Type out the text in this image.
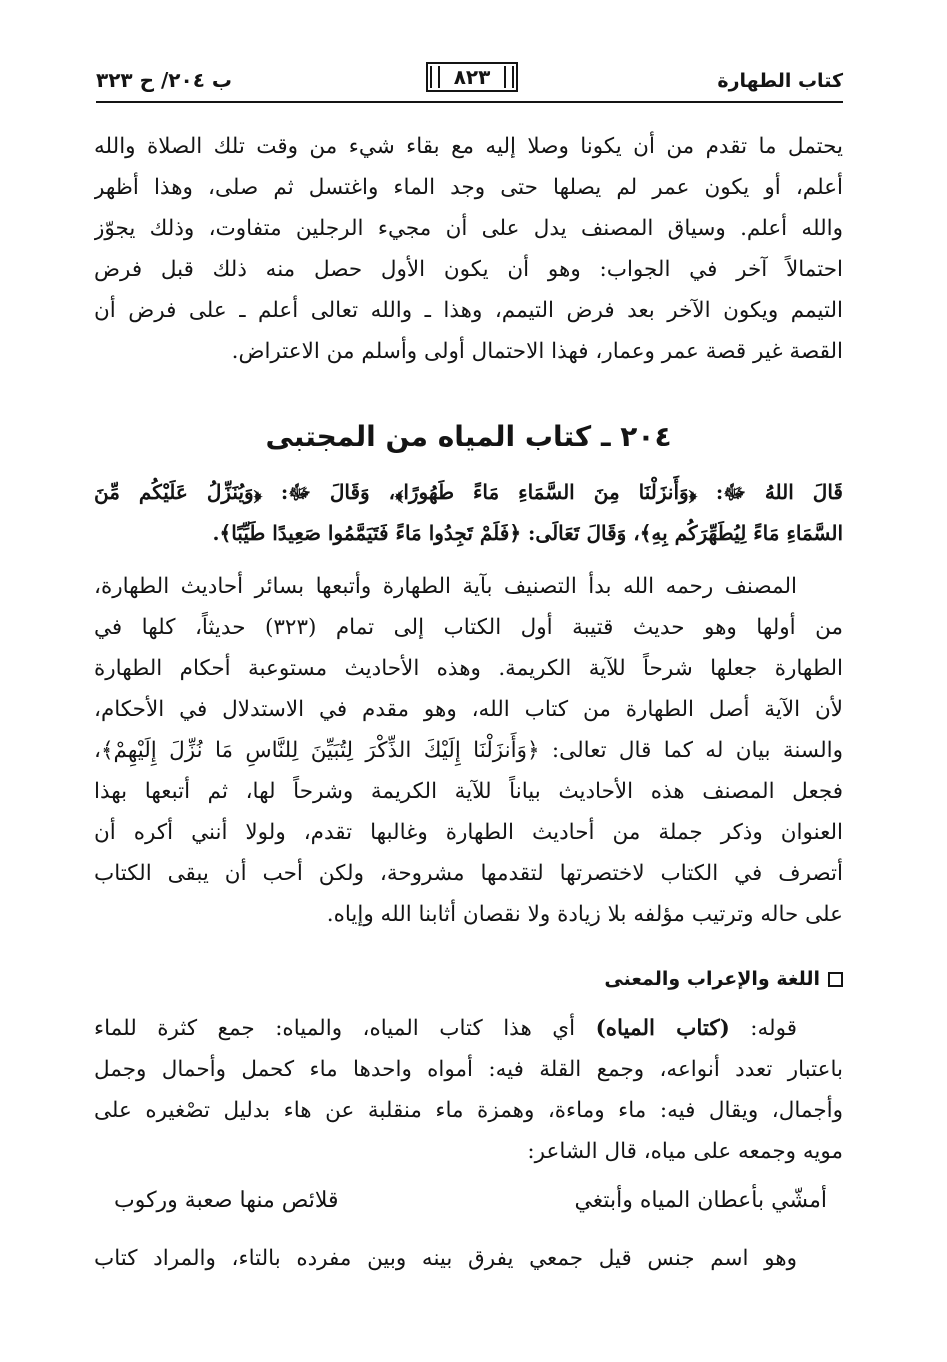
كتاب الطهارة
٨٢٣
ب ٢٠٤/ ح ٣٢٣
يحتمل ما تقدم من أن يكونا وصلا إليه مع بقاء شيء من وقت تلك الصلاة والله
أعلم، أو يكون عمر لم يصلها حتى وجد الماء واغتسل ثم صلى، وهذا أظهر
والله أعلم. وسياق المصنف يدل على أن مجيء الرجلين متفاوت، وذلك يجوّز
احتمالاً آخر في الجواب: وهو أن يكون الأول حصل منه ذلك قبل فرض
التيمم ويكون الآخر بعد فرض التيمم، وهذا ـ والله تعالى أعلم ـ على فرض أن
القصة غير قصة عمر وعمار، فهذا الاحتمال أولى وأسلم من الاعتراض.
٢٠٤ ـ كتاب المياه من المجتبى
قَالَ اللهُ ﷻ: ﴿وَأَنزَلْنَا مِنَ السَّمَاءِ مَاءً طَهُورًا﴾، وَقَالَ ﷻ: ﴿وَيُنَزِّلُ عَلَيْكُم مِّنَ
السَّمَاءِ مَاءً لِيُطَهِّرَكُم بِهِ﴾، وَقَالَ تَعَالَى: ﴿فَلَمْ تَجِدُوا مَاءً فَتَيَمَّمُوا صَعِيدًا طَيِّبًا﴾.
المصنف رحمه الله بدأ التصنيف بآية الطهارة وأتبعها بسائر أحاديث الطهارة،
من أولها وهو حديث قتيبة أول الكتاب إلى تمام (٣٢٣) حديثاً، كلها في
الطهارة جعلها شرحاً للآية الكريمة. وهذه الأحاديث مستوعبة أحكام الطهارة
لأن الآية أصل الطهارة من كتاب الله، وهو مقدم في الاستدلال في الأحكام،
والسنة بيان له كما قال تعالى: ﴿وَأَنزَلْنَا إِلَيْكَ الذِّكْرَ لِتُبَيِّنَ لِلنَّاسِ مَا نُزِّلَ إِلَيْهِمْ﴾،
فجعل المصنف هذه الأحاديث بياناً للآية الكريمة وشرحاً لها، ثم أتبعها بهذا
العنوان وذكر جملة من أحاديث الطهارة وغالبها تقدم، ولولا أنني أكره أن
أتصرف في الكتاب لاختصرتها لتقدمها مشروحة، ولكن أحب أن يبقى الكتاب
على حاله وترتيب مؤلفه بلا زيادة ولا نقصان أثابنا الله وإياه.
اللغة والإعراب والمعنى
قوله: (كتاب المياه) أي هذا كتاب المياه، والمياه: جمع كثرة للماء
باعتبار تعدد أنواعه، وجمع القلة فيه: أمواه واحدها ماء كحمل وأحمال وجمل
وأجمال، ويقال فيه: ماء وماءة، وهمزة ماء منقلبة عن هاء بدليل تصْغيره على
مويه وجمعه على مياه، قال الشاعر:
أمشّي بأعطان المياه وأبتغي
قلائص منها صعبة وركوب
وهو اسم جنس قيل جمعي يفرق بينه وبين مفرده بالتاء، والمراد كتاب
